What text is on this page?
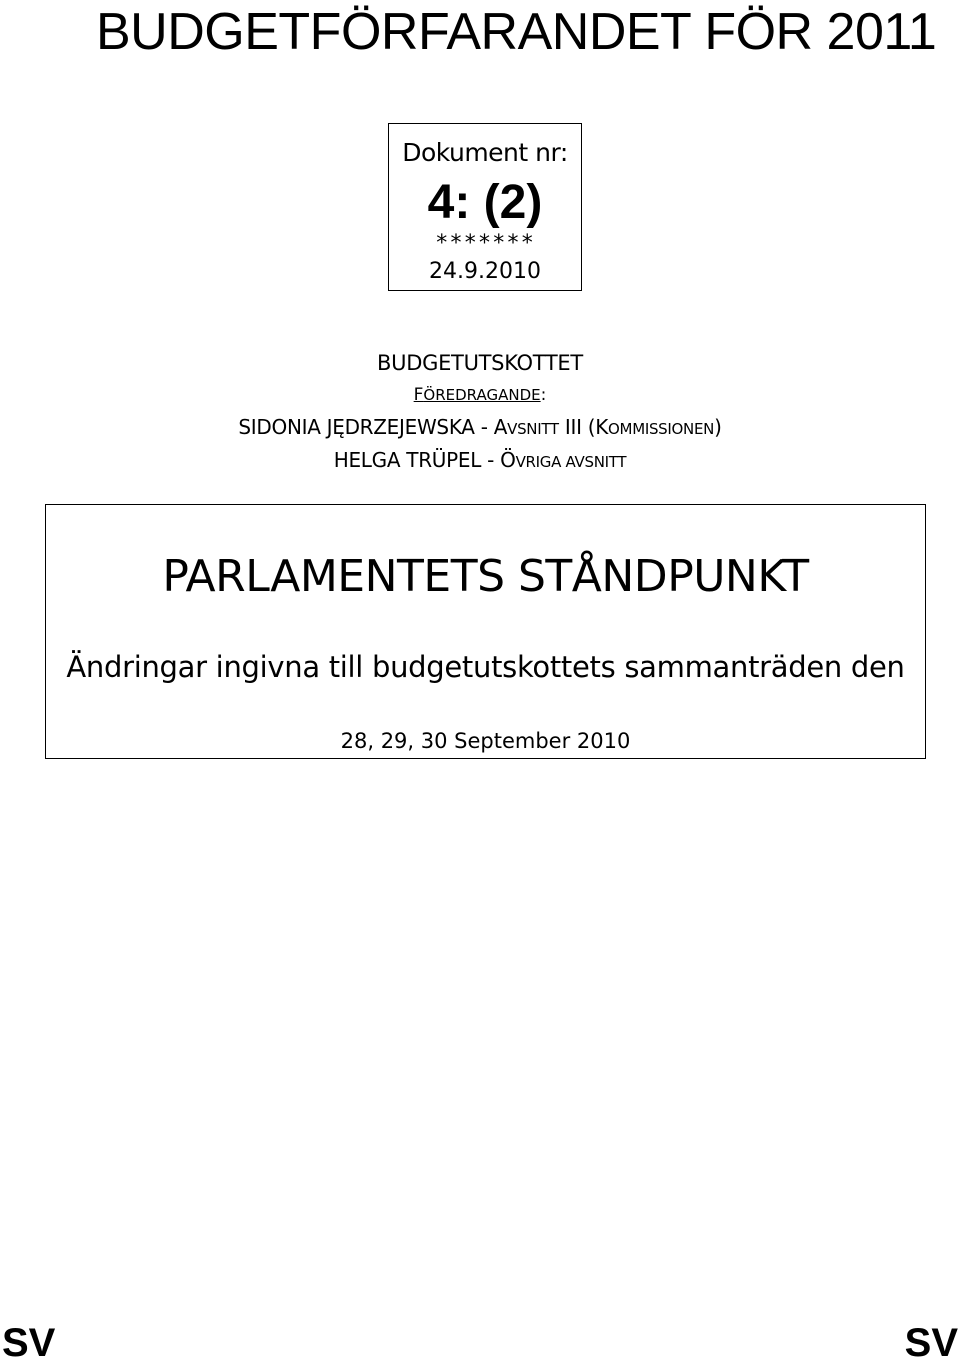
BUDGETFÖRFARANDET FÖR 2011
Dokument nr:
4: (2)
*******
24.9.2010
BUDGETUTSKOTTET
FÖREDRAGANDE:
SIDONIA JĘDRZEJEWSKA - AVSNITT III (KOMMISSIONEN)
HELGA TRÜPEL - ÖVRIGA AVSNITT
PARLAMENTETS STÅNDPUNKT
Ändringar ingivna till budgetutskottets sammanträden den
28, 29, 30 September 2010
SV	SV
